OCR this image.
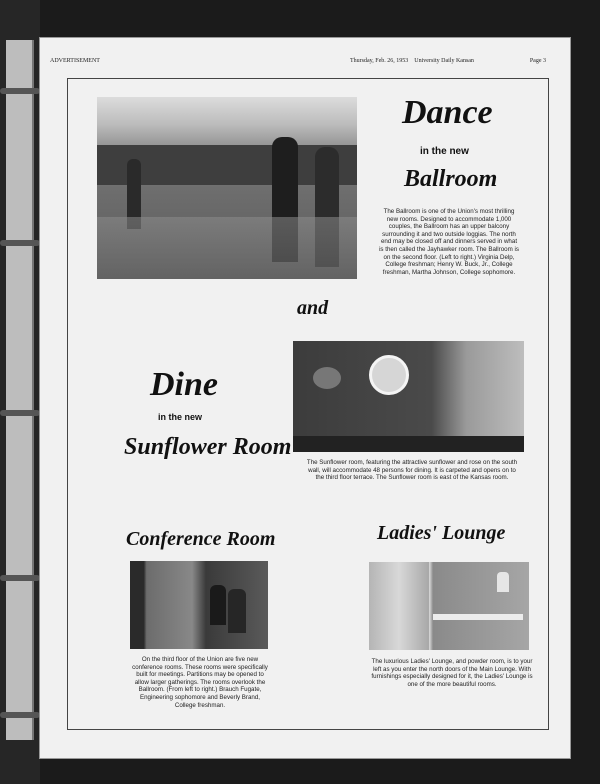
ADVERTISEMENT	Thursday, Feb. 26, 1953 University Daily Kansan	Page 3
Dance
in the new
Ballroom
The Ballroom is one of the Union's most thrilling new rooms. Designed to accommodate 1,000 couples, the Ballroom has an upper balcony surrounding it and two outside loggias. The north end may be closed off and dinners served in what is then called the Jayhawker room. The Ballroom is on the second floor. (Left to right.) Virginia Delp, College freshman; Henry W. Buck, Jr., College freshman, Martha Johnson, College sophomore.
and
Dine
in the new
Sunflower Room
The Sunflower room, featuring the attractive sunflower and rose on the south wall, will accommodate 48 persons for dining. It is carpeted and opens on to the third floor terrace. The Sunflower room is east of the Kansas room.
Conference Room
On the third floor of the Union are five new conference rooms. These rooms were specifically built for meetings. Partitions may be opened to allow larger gatherings. The rooms overlook the Ballroom. (From left to right.) Brauch Fugate, Engineering sophomore and Beverly Brand, College freshman.
Ladies' Lounge
The luxurious Ladies' Lounge, and powder room, is to your left as you enter the north doors of the Main Lounge. With furnishings especially designed for it, the Ladies' Lounge is one of the more beautiful rooms.
